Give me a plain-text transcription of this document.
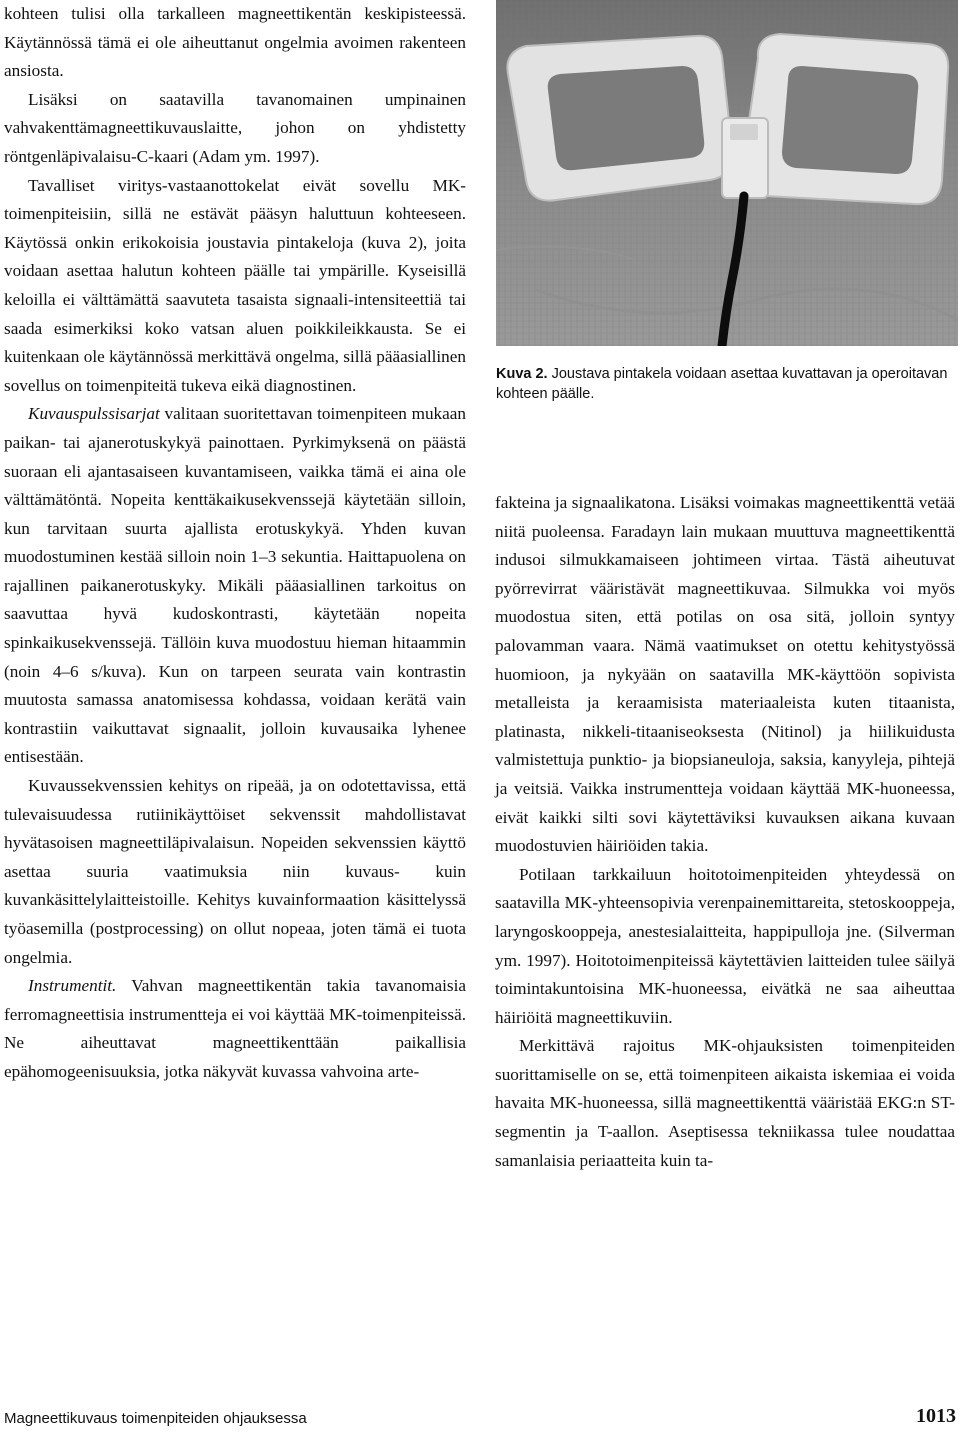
kohteen tulisi olla tarkalleen magneettikentän keskipisteessä. Käytännössä tämä ei ole aiheuttanut ongelmia avoimen rakenteen ansiosta.

Lisäksi on saatavilla tavanomainen umpinainen vahvakenttämagneettikuvauslaitte, johon on yhdistetty röntgenläpivalaisu-C-kaari (Adam ym. 1997).

Tavalliset viritys-vastaanottokelat eivät sovellu MK-toimenpiteisiin, sillä ne estävät pääsyn haluttuun kohteeseen. Käytössä onkin erikokoisia joustavia pintakeloja (kuva 2), joita voidaan asettaa halutun kohteen päälle tai ympärille. Kyseisillä keloilla ei välttämättä saavuteta tasaista signaali-intensiteettiä tai saada esimerkiksi koko vatsan aluen poikkileikkausta. Se ei kuitenkaan ole käytännössä merkittävä ongelma, sillä pääasiallinen sovellus on toimenpiteitä tukeva eikä diagnostinen.

Kuvauspulssisarjat valitaan suoritettavan toimenpiteen mukaan paikan- tai ajanerotuskykyä painottaen. Pyrkimyksenä on päästä suoraan eli ajantasaiseen kuvantamiseen, vaikka tämä ei aina ole välttämätöntä. Nopeita kenttäkaikusekvenssejä käytetään silloin, kun tarvitaan suurta ajallista erotuskykyä. Yhden kuvan muodostuminen kestää silloin noin 1–3 sekuntia. Haittapuolena on rajallinen paikanerotuskyky. Mikäli pääasiallinen tarkoitus on saavuttaa hyvä kudoskontrasti, käytetään nopeita spinkaikusekvenssejä. Tällöin kuva muodostuu hieman hitaammin (noin 4–6 s/kuva). Kun on tarpeen seurata vain kontrastin muutosta samassa anatomisessa kohdassa, voidaan kerätä vain kontrastiin vaikuttavat signaalit, jolloin kuvausaika lyhenee entisestään.

Kuvaussekvenssien kehitys on ripeää, ja on odotettavissa, että tulevaisuudessa rutiinikäyttöiset sekvenssit mahdollistavat hyvätasoisen magneettiläpivalaisun. Nopeiden sekvenssien käyttö asettaa suuria vaatimuksia niin kuvaus- kuin kuvankäsittelylaitteistoille. Kehitys kuvainformaation käsittelyssä työasemilla (postprocessing) on ollut nopeaa, joten tämä ei tuota ongelmia.

Instrumentit. Vahvan magneettikentän takia tavanomaisia ferromagneettisia instrumentteja ei voi käyttää MK-toimenpiteissä. Ne aiheuttavat magneettikenttään paikallisia epähomogeenisuuksia, jotka näkyvät kuvassa vahvoina arte-

Kuva 2. Joustava pintakela voidaan asettaa kuvattavan ja operoitavan kohteen päälle.

fakteina ja signaalikatona. Lisäksi voimakas magneettikenttä vetää niitä puoleensa. Faradayn lain mukaan muuttuva magneettikenttä indusoi silmukkamaiseen johtimeen virtaa. Tästä aiheutuvat pyörrevirrat vääristävät magneettikuvaa. Silmukka voi myös muodostua siten, että potilas on osa sitä, jolloin syntyy palovamman vaara. Nämä vaatimukset on otettu kehitystyössä huomioon, ja nykyään on saatavilla MK-käyttöön sopivista metalleista ja keraamisista materiaaleista kuten titaanista, platinasta, nikkeli-titaaniseoksesta (Nitinol) ja hiilikuidusta valmistettuja punktio- ja biopsianeuloja, saksia, kanyyleja, pihtejä ja veitsiä. Vaikka instrumentteja voidaan käyttää MK-huoneessa, eivät kaikki silti sovi käytettäviksi kuvauksen aikana kuvaan muodostuvien häiriöiden takia.

Potilaan tarkkailuun hoitotoimenpiteiden yhteydessä on saatavilla MK-yhteensopivia verenpainemittareita, stetoskooppeja, laryngoskooppeja, anestesialaitteita, happipulloja jne. (Silverman ym. 1997). Hoitotoimenpiteissä käytettävien laitteiden tulee säilyä toimintakuntoisina MK-huoneessa, eivätkä ne saa aiheuttaa häiriöitä magneettikuviin.

Merkittävä rajoitus MK-ohjauksisten toimenpiteiden suorittamiselle on se, että toimenpiteen aikaista iskemiaa ei voida havaita MK-huoneessa, sillä magneettikenttä vääristää EKG:n ST-segmentin ja T-aallon. Aseptisessa tekniikassa tulee noudattaa samanlaisia periaatteita kuin ta-

Magneettikuvaus toimenpiteiden ohjauksessa	1013
